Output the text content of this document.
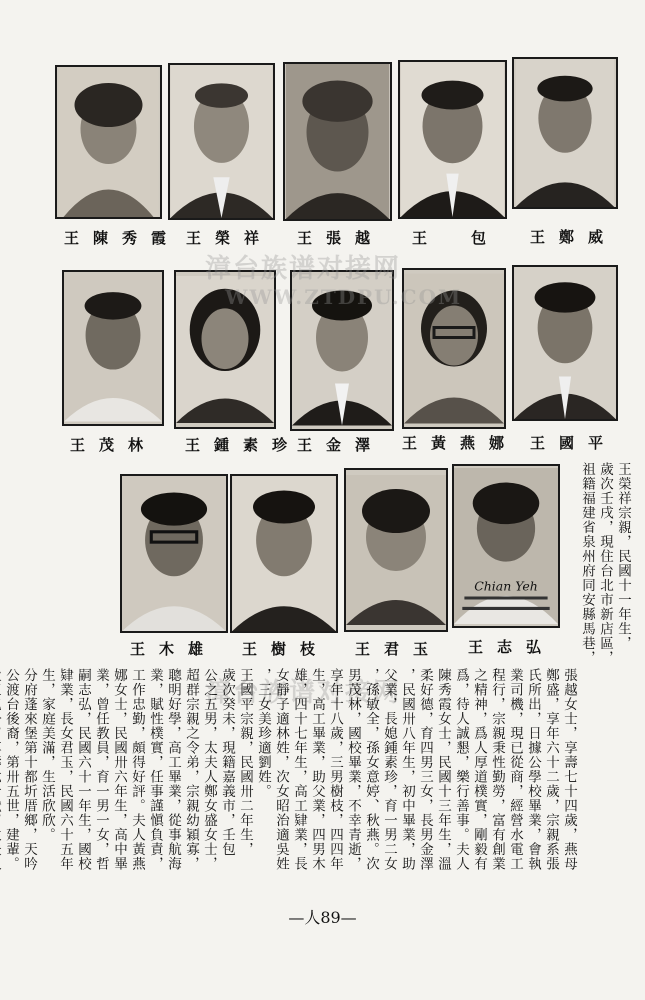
王陳秀霞 王榮祥 王張越 王包 王鄭威
王茂林 王鍾素珍
王金澤 王黃燕娜 王國平
Chian Yeh
王木雄 王樹枝 王君玉 王志弘
漳台族谱对接网
WWW.ZTDPU.COM
漳台族谱对接网
王榮祥宗親，民國十一年生，
歲次壬戌，現住台北市新店區，
祖籍福建省泉州府同安縣馬巷，
張越女士，享壽七十四歲，燕母
鄭盛，享年六十二歲，宗親系張
氏所出，日據公學校畢業，會執
業司機，現已從商，經營水電工
程行，宗親秉性勤勞，富有創業
之精神，爲人厚道樸實，剛毅有
爲，待人誠懇，樂行善事。夫人
陳秀霞女士，民國十三年生，溫
柔好德，育四男三女，長男金澤
，民國卅八年生，初中畢業，助
父業，長媳鍾素珍，育一男二女
，孫敏全，孫女意婷、秋燕。次
男茂林，國校畢業，不幸青逝，
享年十八歲，三男樹枝，四四年
生，高工畢業，助父業，四男木
雄，四十七年生，高工肄業，長
女靜子適林姓，次女昭治適吳姓
，三女美珍適劉姓。
王國平宗親，民國卅二年生，
歲次癸未，現籍嘉義市，壬包
公之五男，太夫人鄭女盛女士，
超群宗親之令弟，宗親幼穎寡，
聰明好學，高工畢業，從事航海
業，賦性樸實，任事謹愼負責，
工作忠勤，頗得好評。夫人黃燕
娜女士，民國卅六年生，高中畢
業，曾任教員，育一男一女，哲
嗣志弘，民國六十一年生，國校
肄業，長女君玉，民國六十五年
生，家庭美滿，生活欣欣。
分府蓬來堡第十都圻厝鄉，天吟
公渡台後裔，第卅五世，建輩。
—人89—
